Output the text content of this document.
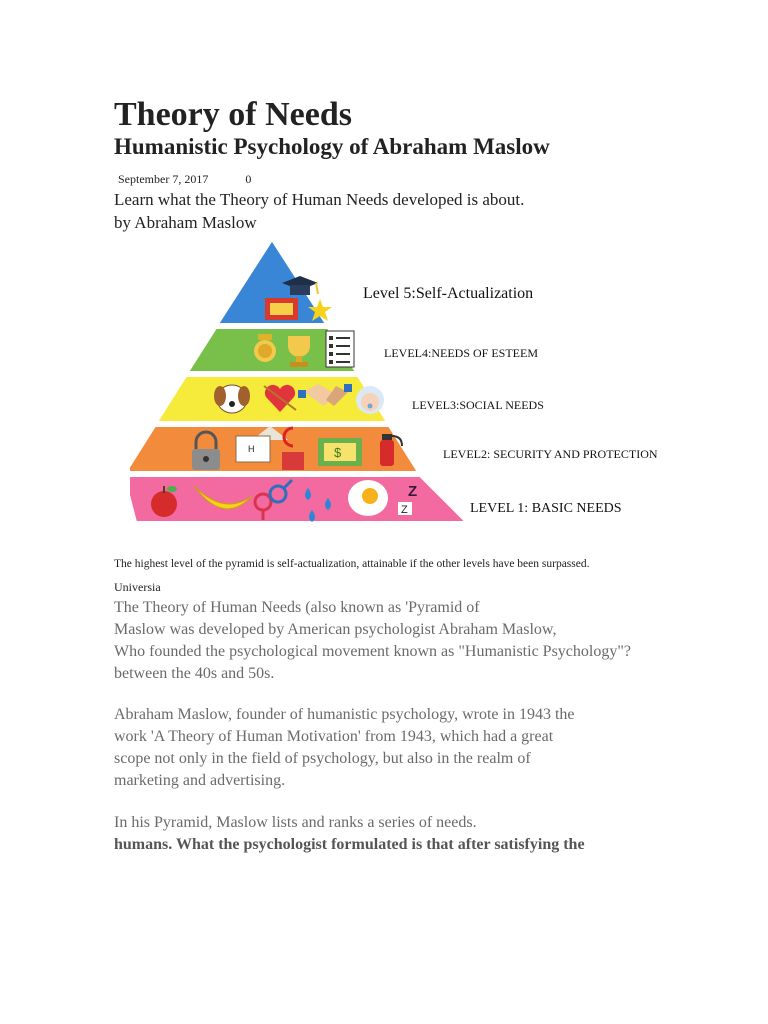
Theory of Needs
Humanistic Psychology of Abraham Maslow
September 7, 2017	0
Learn what the Theory of Human Needs developed is about.
by Abraham Maslow
Level 5:Self-Actualization
LEVEL4:NEEDS OF ESTEEM
LEVEL3:SOCIAL NEEDS
H	$	LEVEL2: SECURITY AND PROTECTION
Z
Z	LEVEL 1: BASIC NEEDS
The highest level of the pyramid is self-actualization, attainable if the other levels have been surpassed.
Universia
The Theory of Human Needs (also known as 'Pyramid of
Maslow was developed by American psychologist Abraham Maslow,
Who founded the psychological movement known as "Humanistic Psychology"?
between the 40s and 50s.
Abraham Maslow, founder of humanistic psychology, wrote in 1943 the
work 'A Theory of Human Motivation' from 1943, which had a great
scope not only in the field of psychology, but also in the realm of
marketing and advertising.
In his Pyramid, Maslow lists and ranks a series of needs.
humans. What the psychologist formulated is that after satisfying the
